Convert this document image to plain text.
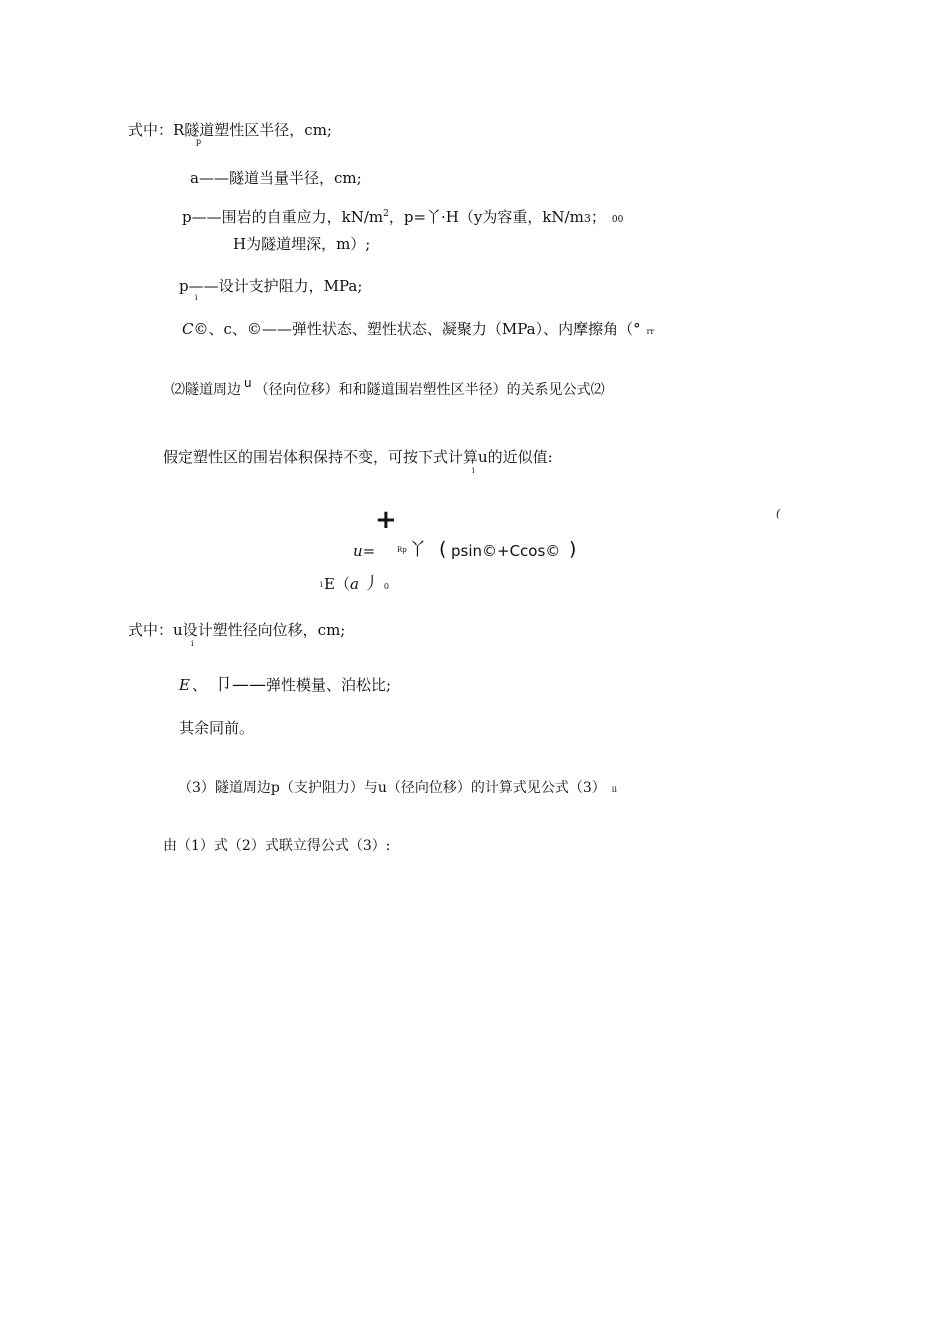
式中：R隧道塑性区半径，cm;
p
a——隧道当量半径，cm;
p——围岩的自重应力，$kN/m^2$，p=丫·H（y为容重，kN/m3； 00
H为隧道埋深，m）;
p——设计支护阻力，MPa;
i
C©、c、©——弹性状态、塑性状态、凝聚力（MPa）、内摩擦角（° rr
⑵隧道周边 u （径向位移）和和隧道围岩塑性区半径）的关系见公式⑵
假定塑性区的围岩体积保持不变，可按下式计算u的近似值:
i
+	(
u=	Rp 丫 ( psin©+Ccos© )
i E（a 丿 0
式中：u设计塑性径向位移，cm;
i
E 、 卩——弹性模量、泊松比;
其余同前。
（3）隧道周边p（支护阻力）与u（径向位移）的计算式见公式（3） ii
由（1）式（2）式联立得公式（3）:
